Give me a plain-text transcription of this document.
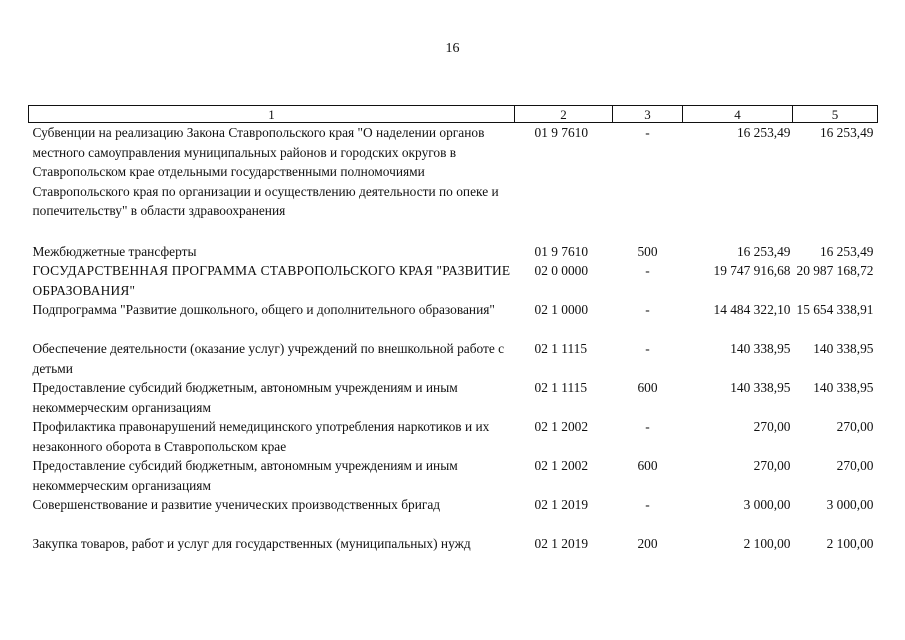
16
1	2	3	4	5
Субвенции на реализацию Закона Ставропольского края "О наделении органов местного самоуправления муниципальных районов и городских округов в Ставропольском крае отдельными государственными полномочиями Ставропольского края по организации и осуществлению деятельности по опеке и попечительству" в области здравоохранения	01 9 7610	-	16 253,49	16 253,49
Межбюджетные трансферты	01 9 7610	500	16 253,49	16 253,49
ГОСУДАРСТВЕННАЯ ПРОГРАММА СТАВРОПОЛЬСКОГО КРАЯ "РАЗВИТИЕ ОБРАЗОВАНИЯ"	02 0 0000	-	19 747 916,68	20 987 168,72
Подпрограмма "Развитие дошкольного, общего и дополнительного образования"	02 1 0000	-	14 484 322,10	15 654 338,91
Обеспечение деятельности (оказание услуг) учреждений по внешкольной работе с детьми	02 1 1115	-	140 338,95	140 338,95
Предоставление субсидий бюджетным, автономным учреждениям и иным некоммерческим организациям	02 1 1115	600	140 338,95	140 338,95
Профилактика правонарушений немедицинского употребления наркотиков и их незаконного оборота в Ставропольском крае	02 1 2002	-	270,00	270,00
Предоставление субсидий бюджетным, автономным учреждениям и иным некоммерческим организациям	02 1 2002	600	270,00	270,00
Совершенствование и развитие ученических производственных бригад	02 1 2019	-	3 000,00	3 000,00
Закупка товаров, работ и услуг для государственных (муниципальных) нужд	02 1 2019	200	2 100,00	2 100,00
